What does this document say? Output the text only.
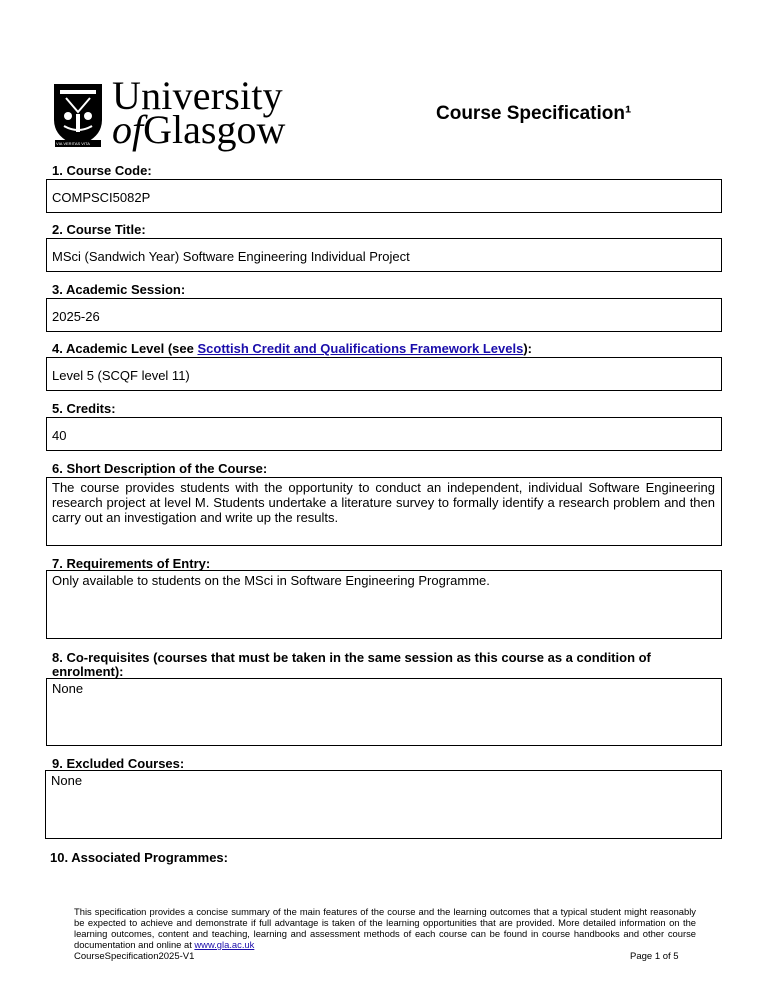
VIA VERITAS VITA
University
ofGlasgow	Course Specification¹
1. Course Code:
COMPSCI5082P
2. Course Title:
MSci (Sandwich Year) Software Engineering Individual Project
3. Academic Session:
2025-26
4. Academic Level (see Scottish Credit and Qualifications Framework Levels):
Level 5 (SCQF level 11)
5. Credits:
40
6. Short Description of the Course:
The course provides students with the opportunity to conduct an independent, individual Software Engineering research project at level M. Students undertake a literature survey to formally identify a research problem and then carry out an investigation and write up the results.
7. Requirements of Entry:
Only available to students on the MSci in Software Engineering Programme.
8. Co-requisites (courses that must be taken in the same session as this course as a condition of
enrolment):
None
9. Excluded Courses:
None
10. Associated Programmes:
This specification provides a concise summary of the main features of the course and the learning outcomes that a typical student might reasonably be expected to achieve and demonstrate if full advantage is taken of the learning opportunities that are provided. More detailed information on the learning outcomes, content and teaching, learning and assessment methods of each course can be found in course handbooks and other course documentation and online at www.gla.ac.uk
CourseSpecification2025-V1	Page 1 of 5
